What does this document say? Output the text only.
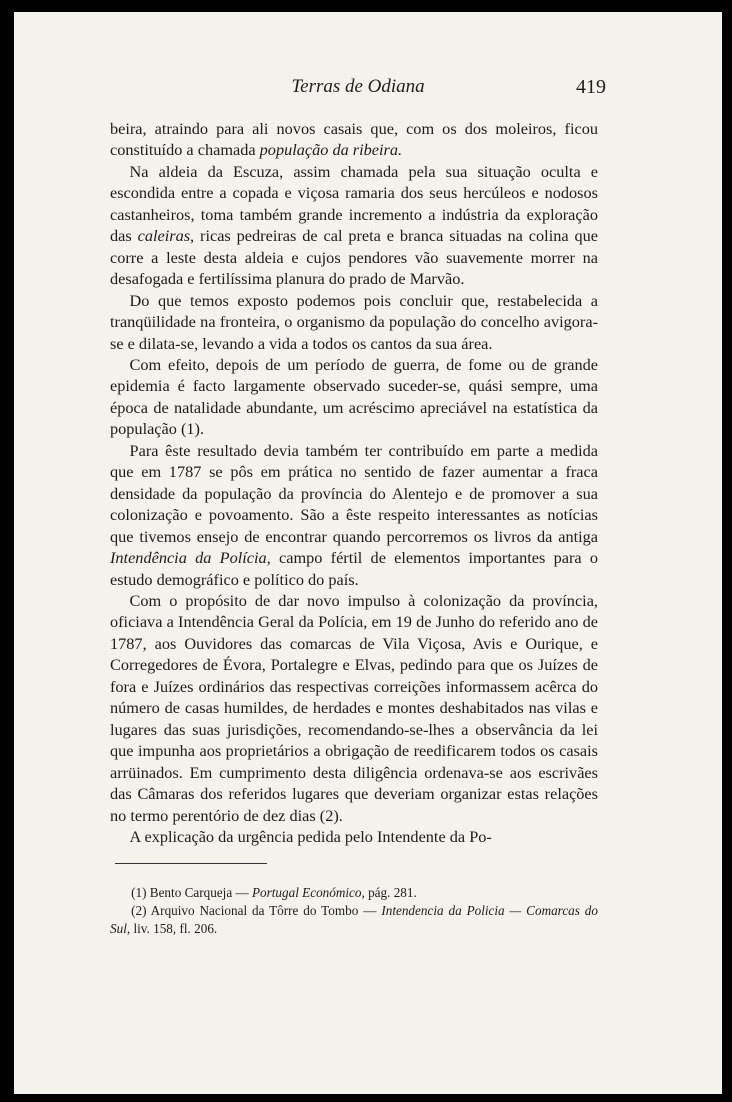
Terras de Odiana	419

beira, atraindo para ali novos casais que, com os dos moleiros, ficou constituído a chamada população da ribeira.

Na aldeia da Escuza, assim chamada pela sua situação oculta e escondida entre a copada e viçosa ramaria dos seus hercúleos e nodosos castanheiros, toma também grande incremento a indústria da exploração das caleiras, ricas pedreiras de cal preta e branca situadas na colina que corre a leste desta aldeia e cujos pendores vão suavemente morrer na desafogada e fertilíssima planura do prado de Marvão.

Do que temos exposto podemos pois concluir que, restabelecida a tranqüilidade na fronteira, o organismo da população do concelho avigora-se e dilata-se, levando a vida a todos os cantos da sua área.

Com efeito, depois de um período de guerra, de fome ou de grande epidemia é facto largamente observado suceder-se, quási sempre, uma época de natalidade abundante, um acréscimo apreciável na estatística da população (1).

Para êste resultado devia também ter contribuído em parte a medida que em 1787 se pôs em prática no sentido de fazer aumentar a fraca densidade da população da província do Alentejo e de promover a sua colonização e povoamento. São a êste respeito interessantes as notícias que tivemos ensejo de encontrar quando percorremos os livros da antiga Intendência da Polícia, campo fértil de elementos importantes para o estudo demográfico e político do país.

Com o propósito de dar novo impulso à colonização da província, oficiava a Intendência Geral da Polícia, em 19 de Junho do referido ano de 1787, aos Ouvidores das comarcas de Vila Viçosa, Avis e Ourique, e Corregedores de Évora, Portalegre e Elvas, pedindo para que os Juízes de fora e Juízes ordinários das respectivas correições informassem acêrca do número de casas humildes, de herdades e montes deshabitados nas vilas e lugares das suas jurisdições, recomendando-se-lhes a observância da lei que impunha aos proprietários a obrigação de reedificarem todos os casais arrüinados. Em cumprimento desta diligência ordenava-se aos escrivães das Câmaras dos referidos lugares que deveriam organizar estas relações no termo perentório de dez dias (2).

A explicação da urgência pedida pelo Intendente da Po-

(1) Bento Carqueja — Portugal Económico, pág. 281.

(2) Arquivo Nacional da Tôrre do Tombo — Intendencia da Policia — Comarcas do Sul, liv. 158, fl. 206.
